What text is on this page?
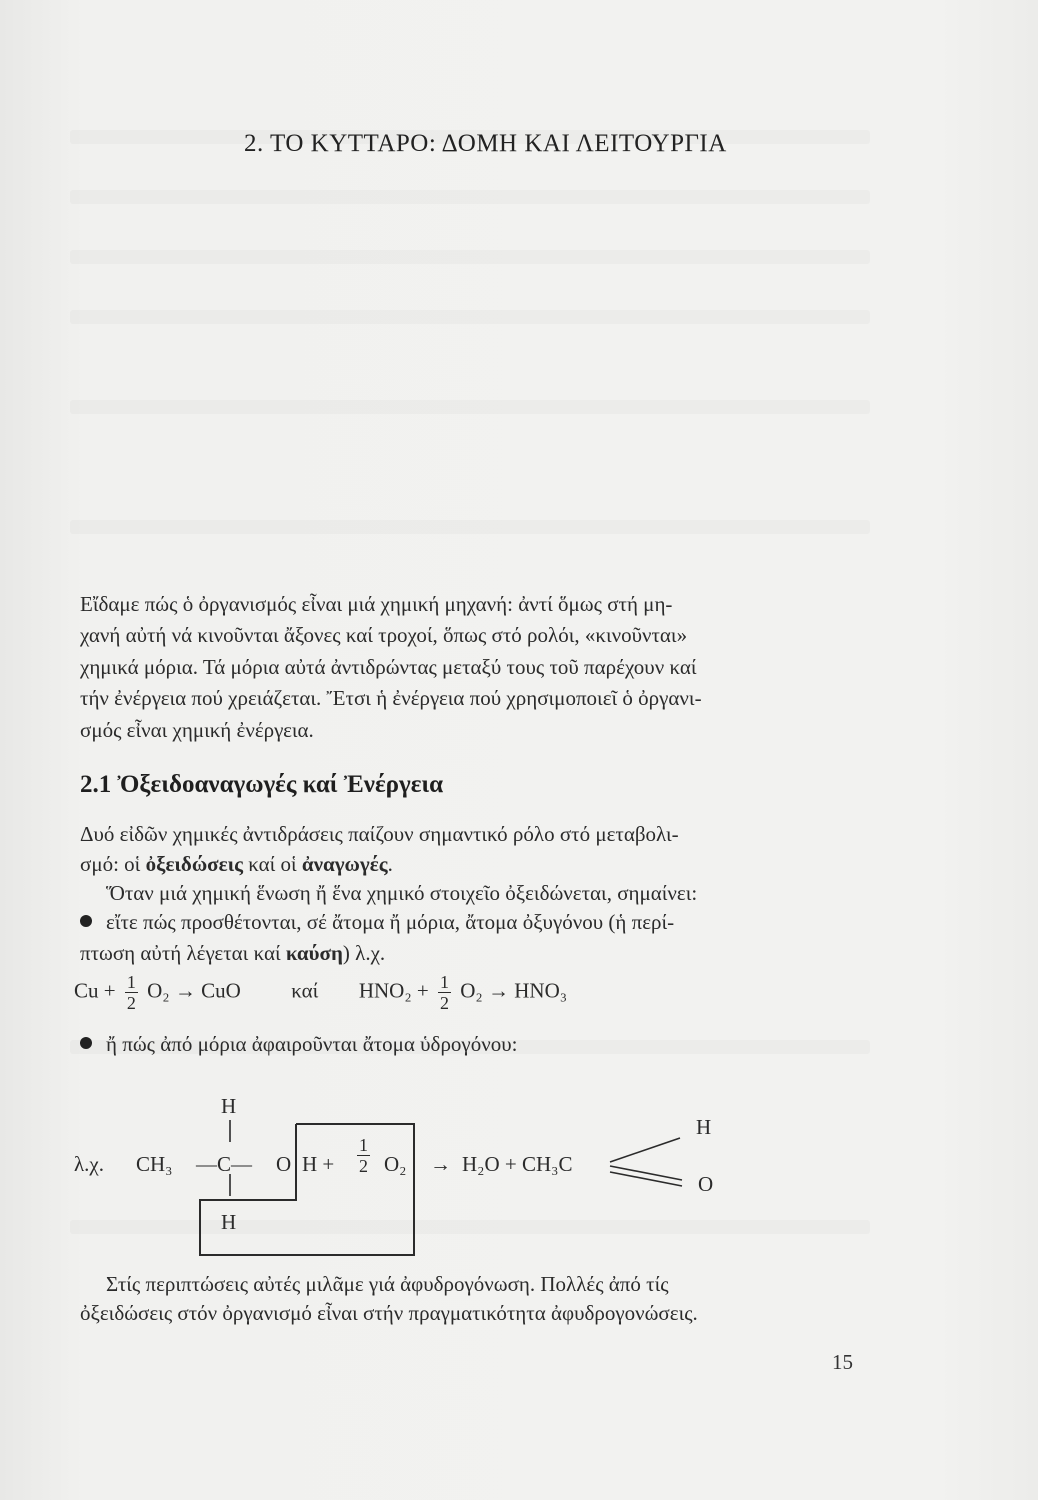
2. ΤΟ ΚΥΤΤΑΡΟ: ΔΟΜΗ ΚΑΙ ΛΕΙΤΟΥΡΓΙΑ
Εἴδαμε πώς ὁ ὀργανισμός εἶναι μιά χημική μηχανή: ἀντί ὅμως στή μη-
χανή αὐτή νά κινοῦνται ἄξονες καί τροχοί, ὅπως στό ρολόι, «κινοῦνται»
χημικά μόρια. Τά μόρια αὐτά ἀντιδρώντας μεταξύ τους τοῦ παρέχουν καί
τήν ἐνέργεια πού χρειάζεται. Ἔτσι ἡ ἐνέργεια πού χρησιμοποιεῖ ὁ ὀργανι-
σμός εἶναι χημική ἐνέργεια.
2.1 Ὀξειδοαναγωγές καί Ἐνέργεια
Δυό εἰδῶν χημικές ἀντιδράσεις παίζουν σημαντικό ρόλο στό μεταβολι-
σμό: οἱ ὀξειδώσεις καί οἱ ἀναγωγές.
Ὅταν μιά χημική ἕνωση ἤ ἕνα χημικό στοιχεῖο ὀξειδώνεται, σημαίνει:
εἴτε πώς προσθέτονται, σέ ἄτομα ἤ μόρια, ἄτομα ὀξυγόνου (ἡ περί-
πτωση αὐτή λέγεται καί καύση) λ.χ.
$Cu + \frac{1}{2} O_2$ → CuO καί $HNO_2 + \frac{1}{2} O_2 \to HNO_3$
ἤ πώς ἀπό μόρια ἀφαιροῦνται ἄτομα ὑδρογόνου:
H
H
λ.χ. CH₃ —C— O $H + \frac{1}{2} O_2 \to H_2O + CH_3C$
H
O
Στίς περιπτώσεις αὐτές μιλᾶμε γιά ἀφυδρογόνωση. Πολλές ἀπό τίς
ὀξειδώσεις στόν ὀργανισμό εἶναι στήν πραγματικότητα ἀφυδρογονώσεις.
15
